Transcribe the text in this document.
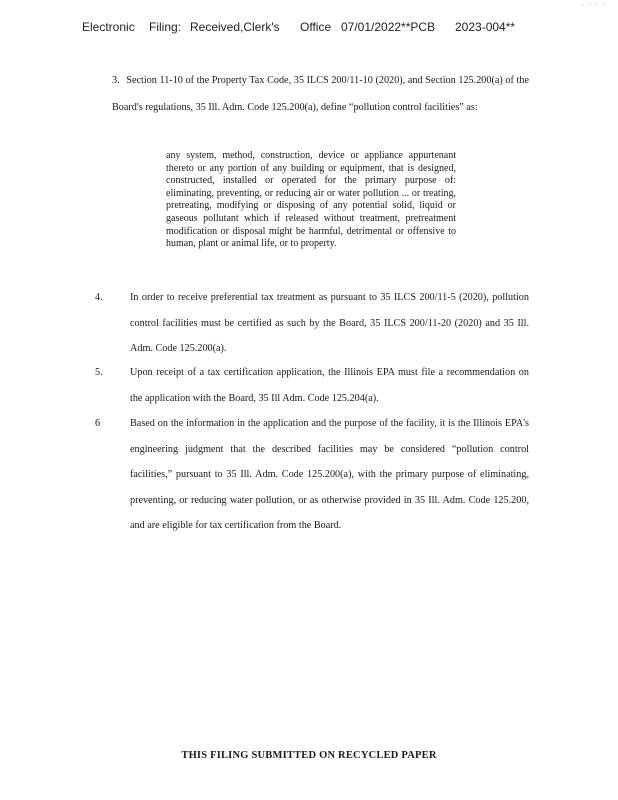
· · · ·
Electronic Filing: Received,Clerk's Office 07/01/2022**PCB 2023-004**
3. Section 11-10 of the Property Tax Code, 35 ILCS 200/11-10 (2020), and Section 125.200(a) of the Board's regulations, 35 Ill. Adm. Code 125.200(a), define “pollution control facilities” as:
any system, method, construction, device or appliance appurtenant thereto or any portion of any building or equipment, that is designed, constructed, installed or operated for the primary purpose of: eliminating, preventing, or reducing air or water pollution ... or treating, pretreating, modifying or disposing of any potential solid, liquid or gaseous pollutant which if released without treatment, pretreatment modification or disposal might be harmful, detrimental or offensive to human, plant or animal life, or to property.
4.	In order to receive preferential tax treatment as pursuant to 35 ILCS 200/11-5 (2020), pollution control facilities must be certified as such by the Board, 35 ILCS 200/11-20 (2020) and 35 Ill. Adm. Code 125.200(a).
5.	Upon receipt of a tax certification application, the Illinois EPA must file a recommendation on the application with the Board, 35 Ill Adm. Code 125.204(a).
6	Based on the information in the application and the purpose of the facility, it is the Illinois EPA's engineering judgment that the described facilities may be considered “pollution control facilities,” pursuant to 35 Ill. Adm. Code 125.200(a), with the primary purpose of eliminating, preventing, or reducing water pollution, or as otherwise provided in 35 Ill. Adm. Code 125.200, and are eligible for tax certification from the Board.
THIS FILING SUBMITTED ON RECYCLED PAPER
